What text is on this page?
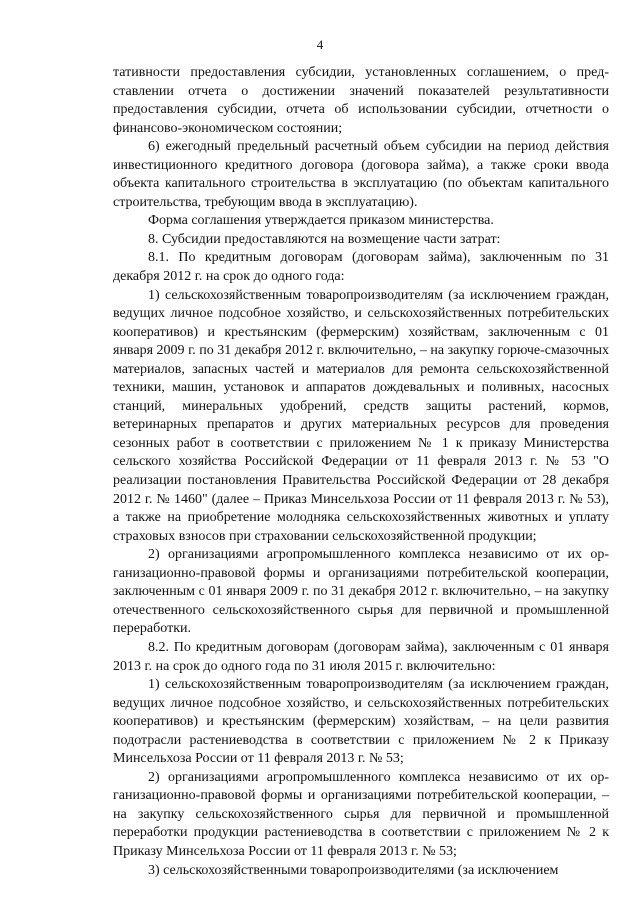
4

тативности предоставления субсидии, установленных соглашением, о представлении отчета о достижении значений показателей результативности предоставления субсидии, отчета об использовании субсидии, отчетности о финансово-экономическом состоянии;

6) ежегодный предельный расчетный объем субсидии на период действия инвестиционного кредитного договора (договора займа), а также сроки ввода объекта капитального строительства в эксплуатацию (по объектам капитального строительства, требующим ввода в эксплуатацию).

Форма соглашения утверждается приказом министерства.

8. Субсидии предоставляются на возмещение части затрат:

8.1. По кредитным договорам (договорам займа), заключенным по 31 декабря 2012 г. на срок до одного года:

1) сельскохозяйственным товаропроизводителям (за исключением граждан, ведущих личное подсобное хозяйство, и сельскохозяйственных потребительских кооперативов) и крестьянским (фермерским) хозяйствам, заключенным с 01 января 2009 г. по 31 декабря 2012 г. включительно, – на закупку горюче-смазочных материалов, запасных частей и материалов для ремонта сельскохозяйственной техники, машин, установок и аппаратов дождевальных и поливных, насосных станций, минеральных удобрений, средств защиты растений, кормов, ветеринарных препаратов и других материальных ресурсов для проведения сезонных работ в соответствии с приложением № 1 к приказу Министерства сельского хозяйства Российской Федерации от 11 февраля 2013 г. № 53 "О реализации постановления Правительства Российской Федерации от 28 декабря 2012 г. № 1460" (далее – Приказ Минсельхоза России от 11 февраля 2013 г. № 53), а также на приобретение молодняка сельскохозяйственных животных и уплату страховых взносов при страховании сельскохозяйственной продукции;

2) организациями агропромышленного комплекса независимо от их организационно-правовой формы и организациями потребительской кооперации, заключенным с 01 января 2009 г. по 31 декабря 2012 г. включительно, – на закупку отечественного сельскохозяйственного сырья для первичной и промышленной переработки.

8.2. По кредитным договорам (договорам займа), заключенным с 01 января 2013 г. на срок до одного года по 31 июля 2015 г. включительно:

1) сельскохозяйственным товаропроизводителям (за исключением граждан, ведущих личное подсобное хозяйство, и сельскохозяйственных потребительских кооперативов) и крестьянским (фермерским) хозяйствам, – на цели развития подотрасли растениеводства в соответствии с приложением № 2 к Приказу Минсельхоза России от 11 февраля 2013 г. № 53;

2) организациями агропромышленного комплекса независимо от их организационно-правовой формы и организациями потребительской кооперации, – на закупку сельскохозяйственного сырья для первичной и промышленной переработки продукции растениеводства в соответствии с приложением № 2 к Приказу Минсельхоза России от 11 февраля 2013 г. № 53;

3) сельскохозяйственными товаропроизводителями (за исключением
